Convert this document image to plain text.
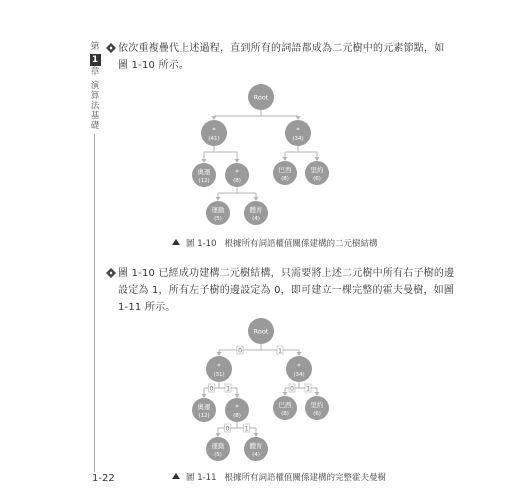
第
1
章
演算法基礎
1-22
依次重複疊代上述過程，直到所有的詞語都成為二元樹中的元素節點，如
圖 1-10 所示。
Root
*
(41)
*
(34)
奧運
(12)
*
(8)
巴西
(8)
里約
(6)
運動
(5)
體育
(4)
0	1
0 1	0 1
0	1
Root
*
(31)
*
(34)
奧運
(12)
*
(8)
巴西
(8)
里約
(6)
運動
(5)
體育
(4)
圖 1-10 根據所有詞語權值關係建構的二元樹結構
圖 1-10 已經成功建構二元樹結構，只需要將上述二元樹中所有右子樹的邊
設定為 1，所有左子樹的邊設定為 0，即可建立一棵完整的霍夫曼樹，如圖
1-11 所示。
圖 1-11 根據所有詞語權值關係建構的完整霍夫曼樹
